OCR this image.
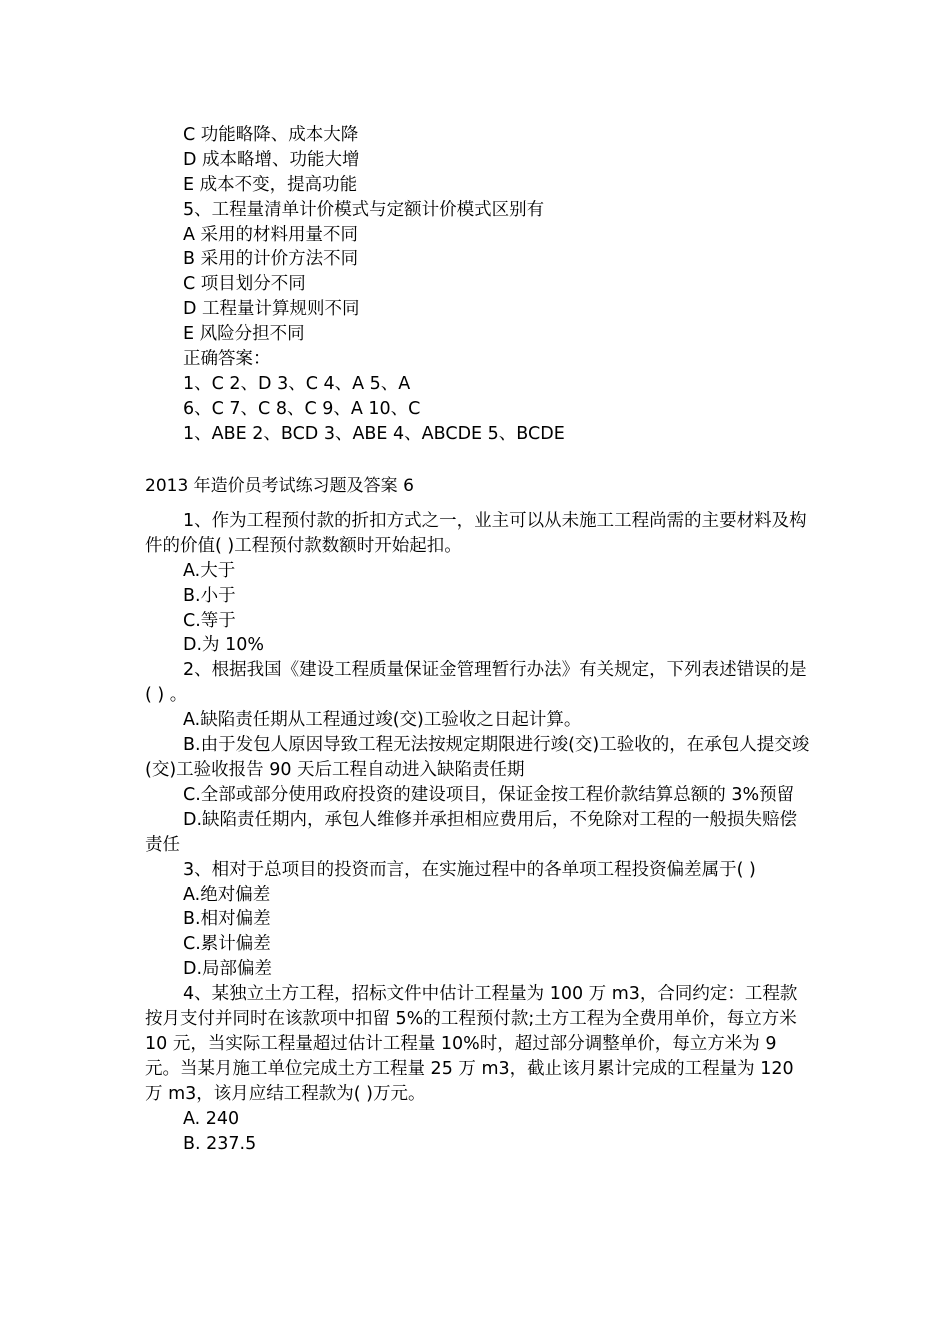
C 功能略降、成本大降
D 成本略增、功能大增
E 成本不变，提高功能
5、工程量清单计价模式与定额计价模式区别有
A 采用的材料用量不同
B 采用的计价方法不同
C 项目划分不同
D 工程量计算规则不同
E 风险分担不同
正确答案：
1、C 2、D 3、C 4、A 5、A
6、C 7、C 8、C 9、A 10、C
1、ABE 2、BCD 3、ABE 4、ABCDE 5、BCDE
2013 年造价员考试练习题及答案 6
1、作为工程预付款的折扣方式之一，业主可以从未施工工程尚需的主要材料及构件的价值( )工程预付款数额时开始起扣。
A.大于
B.小于
C.等于
D.为 10%
2、根据我国《建设工程质量保证金管理暂行办法》有关规定，下列表述错误的是( ) 。
A.缺陷责任期从工程通过竣(交)工验收之日起计算。
B.由于发包人原因导致工程无法按规定期限进行竣(交)工验收的，在承包人提交竣(交)工验收报告 90 天后工程自动进入缺陷责任期
C.全部或部分使用政府投资的建设项目，保证金按工程价款结算总额的 3%预留
D.缺陷责任期内，承包人维修并承担相应费用后，不免除对工程的一般损失赔偿责任
3、相对于总项目的投资而言，在实施过程中的各单项工程投资偏差属于( )
A.绝对偏差
B.相对偏差
C.累计偏差
D.局部偏差
4、某独立土方工程，招标文件中估计工程量为 100 万 m3，合同约定：工程款按月支付并同时在该款项中扣留 5%的工程预付款;土方工程为全费用单价，每立方米 10 元，当实际工程量超过估计工程量 10%时，超过部分调整单价，每立方米为 9 元。当某月施工单位完成土方工程量 25 万 m3，截止该月累计完成的工程量为 120 万 m3，该月应结工程款为( )万元。
A. 240
B. 237.5
